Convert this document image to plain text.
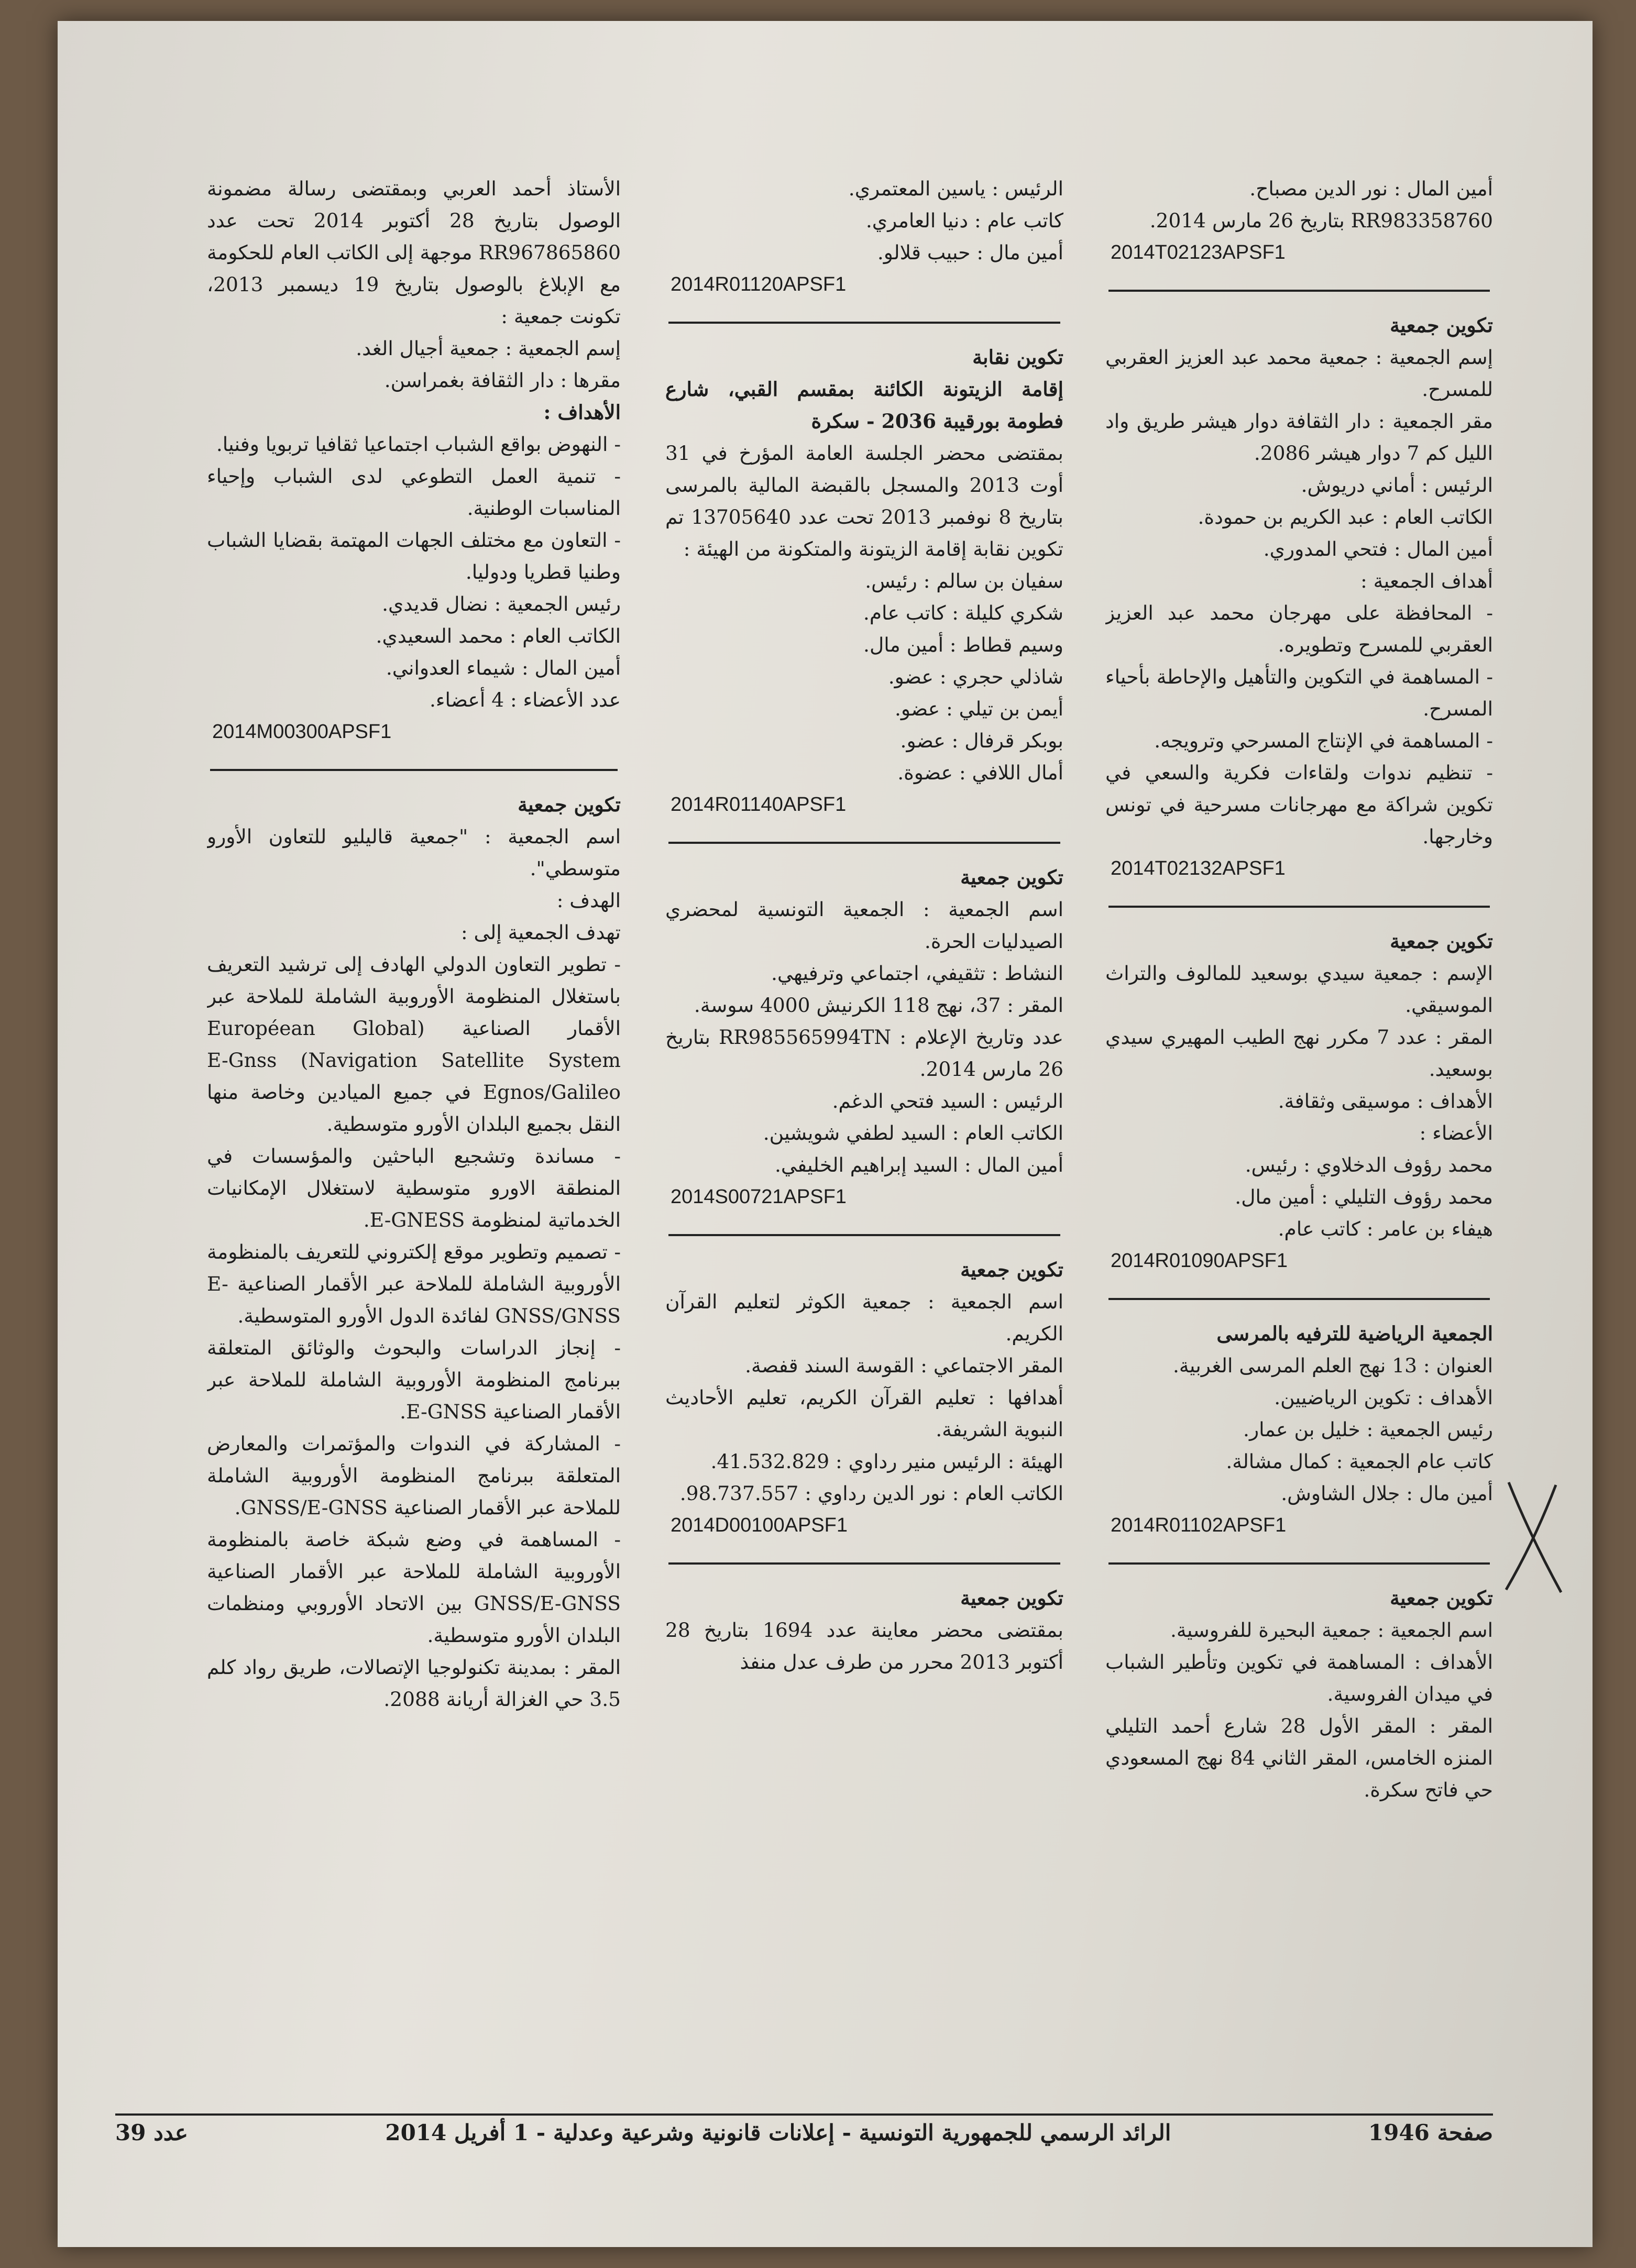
أمين المال : نور الدين مصباح.

RR983358760 بتاريخ 26 مارس 2014.

2014T02123APSF1

تكوين جمعية

إسم الجمعية : جمعية محمد عبد العزيز العقربي للمسرح.

مقر الجمعية : دار الثقافة دوار هيشر طريق واد الليل كم 7 دوار هيشر 2086.

الرئيس : أماني دريوش.

الكاتب العام : عبد الكريم بن حمودة.

أمين المال : فتحي المدوري.

أهداف الجمعية :

- المحافظة على مهرجان محمد عبد العزيز العقربي للمسرح وتطويره.

- المساهمة في التكوين والتأهيل والإحاطة بأحياء المسرح.

- المساهمة في الإنتاج المسرحي وترويجه.

- تنظيم ندوات ولقاءات فكرية والسعي في تكوين شراكة مع مهرجانات مسرحية في تونس وخارجها.

2014T02132APSF1

تكوين جمعية

الإسم : جمعية سيدي بوسعيد للمالوف والتراث الموسيقي.

المقر : عدد 7 مكرر نهج الطيب المهيري سيدي بوسعيد.

الأهداف : موسيقى وثقافة.

الأعضاء :

محمد رؤوف الدخلاوي : رئيس.

محمد رؤوف التليلي : أمين مال.

هيفاء بن عامر : كاتب عام.

2014R01090APSF1

الجمعية الرياضية للترفيه بالمرسى

العنوان : 13 نهج العلم المرسى الغربية.

الأهداف : تكوين الرياضيين.

رئيس الجمعية : خليل بن عمار.

كاتب عام الجمعية : كمال مشالة.

أمين مال : جلال الشاوش.

2014R01102APSF1

تكوين جمعية

اسم الجمعية : جمعية البحيرة للفروسية.

الأهداف : المساهمة في تكوين وتأطير الشباب في ميدان الفروسية.

المقر : المقر الأول 28 شارع أحمد التليلي المنزه الخامس، المقر الثاني 84 نهج المسعودي حي فاتح سكرة.

الرئيس : ياسين المعتمري.

كاتب عام : دنيا العامري.

أمين مال : حبيب قلالو.

2014R01120APSF1

تكوين نقابة

إقامة الزيتونة الكائنة بمقسم القبي، شارع فطومة بورقيبة 2036 - سكرة

بمقتضى محضر الجلسة العامة المؤرخ في 31 أوت 2013 والمسجل بالقبضة المالية بالمرسى بتاريخ 8 نوفمبر 2013 تحت عدد 13705640 تم تكوين نقابة إقامة الزيتونة والمتكونة من الهيئة :

سفيان بن سالم : رئيس.

شكري كليلة : كاتب عام.

وسيم قطاط : أمين مال.

شاذلي حجري : عضو.

أيمن بن تيلي : عضو.

بوبكر قرفال : عضو.

أمال اللافي : عضوة.

2014R01140APSF1

تكوين جمعية

اسم الجمعية : الجمعية التونسية لمحضري الصيدليات الحرة.

النشاط : تثقيفي، اجتماعي وترفيهي.

المقر : 37، نهج 118 الكرنيش 4000 سوسة.

عدد وتاريخ الإعلام : RR985565994TN بتاريخ 26 مارس 2014.

الرئيس : السيد فتحي الدغم.

الكاتب العام : السيد لطفي شويشين.

أمين المال : السيد إبراهيم الخليفي.

2014S00721APSF1

تكوين جمعية

اسم الجمعية : جمعية الكوثر لتعليم القرآن الكريم.

المقر الاجتماعي : القوسة السند قفصة.

أهدافها : تعليم القرآن الكريم، تعليم الأحاديث النبوية الشريفة.

الهيئة : الرئيس منير رداوي : 41.532.829.

الكاتب العام : نور الدين رداوي : 98.737.557.

2014D00100APSF1

تكوين جمعية

بمقتضى محضر معاينة عدد 1694 بتاريخ 28 أكتوبر 2013 محرر من طرف عدل منفذ

الأستاذ أحمد العربي وبمقتضى رسالة مضمونة الوصول بتاريخ 28 أكتوبر 2014 تحت عدد RR967865860 موجهة إلى الكاتب العام للحكومة مع الإبلاغ بالوصول بتاريخ 19 ديسمبر 2013، تكونت جمعية :

إسم الجمعية : جمعية أجيال الغد.

مقرها : دار الثقافة بغمراسن.

الأهداف :

- النهوض بواقع الشباب اجتماعيا ثقافيا تربويا وفنيا.

- تنمية العمل التطوعي لدى الشباب وإحياء المناسبات الوطنية.

- التعاون مع مختلف الجهات المهتمة بقضايا الشباب وطنيا قطريا ودوليا.

رئيس الجمعية : نضال قديدي.

الكاتب العام : محمد السعيدي.

أمين المال : شيماء العدواني.

عدد الأعضاء : 4 أعضاء.

2014M00300APSF1

تكوين جمعية

اسم الجمعية : "جمعية قاليليو للتعاون الأورو متوسطي".

الهدف :

تهدف الجمعية إلى :

- تطوير التعاون الدولي الهادف إلى ترشيد التعريف باستغلال المنظومة الأوروبية الشاملة للملاحة عبر الأقمار الصناعية (Européean Global Navigation Satellite System) E-Gnss Egnos/Galileo في جميع الميادين وخاصة منها النقل بجميع البلدان الأورو متوسطية.

- مساندة وتشجيع الباحثين والمؤسسات في المنطقة الاورو متوسطية لاستغلال الإمكانيات الخدماتية لمنظومة E-GNESS.

- تصميم وتطوير موقع إلكتروني للتعريف بالمنظومة الأوروبية الشاملة للملاحة عبر الأقمار الصناعية E-GNSS/GNSS لفائدة الدول الأورو المتوسطية.

- إنجاز الدراسات والبحوث والوثائق المتعلقة ببرنامج المنظومة الأوروبية الشاملة للملاحة عبر الأقمار الصناعية E-GNSS.

- المشاركة في الندوات والمؤتمرات والمعارض المتعلقة ببرنامج المنظومة الأوروبية الشاملة للملاحة عبر الأقمار الصناعية GNSS/E-GNSS.

- المساهمة في وضع شبكة خاصة بالمنظومة الأوروبية الشاملة للملاحة عبر الأقمار الصناعية GNSS/E-GNSS بين الاتحاد الأوروبي ومنظمات البلدان الأورو متوسطية.

المقر : بمدينة تكنولوجيا الإتصالات، طريق رواد كلم 3.5 حي الغزالة أريانة 2088.

صفحة 1946
الرائد الرسمي للجمهورية التونسية - إعلانات قانونية وشرعية وعدلية - 1 أفريل 2014
عدد 39
